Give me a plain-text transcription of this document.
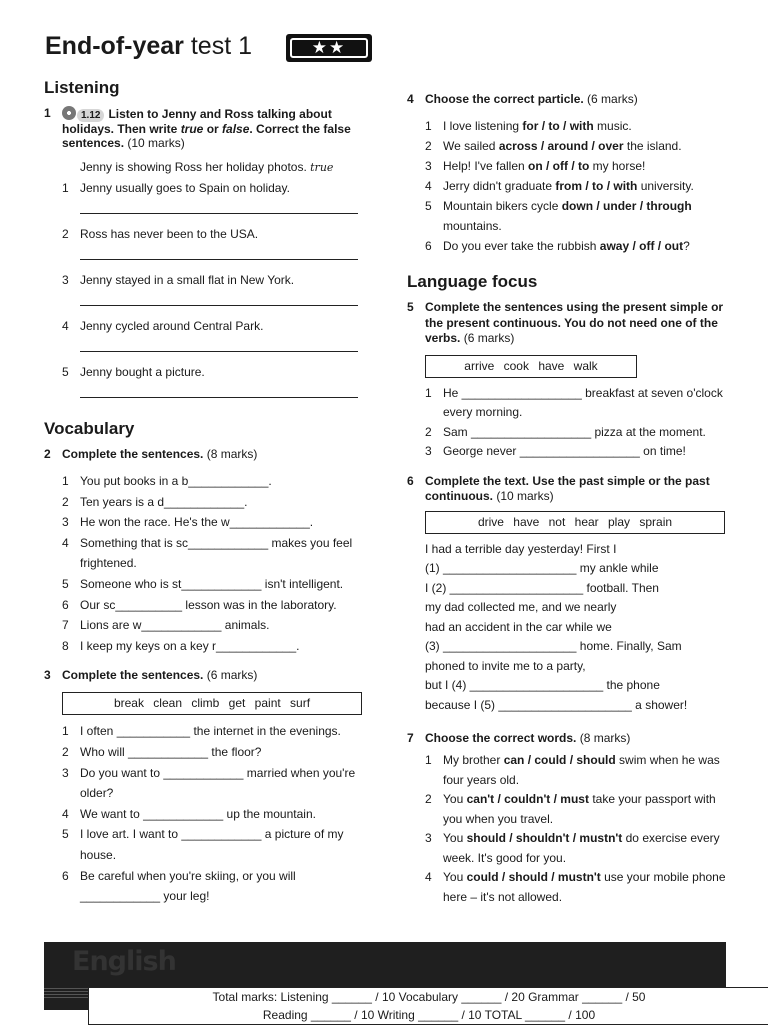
End-of-year test 1	★★
Listening
1	1.12 Listen to Jenny and Ross talking about holidays. Then write true or false. Correct the false sentences. (10 marks)
Jenny is showing Ross her holiday photos. true
1 Jenny usually goes to Spain on holiday.
2 Ross has never been to the USA.
3 Jenny stayed in a small flat in New York.
4 Jenny cycled around Central Park.
5 Jenny bought a picture.
Vocabulary
2 Complete the sentences. (8 marks)
1 You put books in a b____________.
2 Ten years is a d____________.
3 He won the race. He's the w____________.
4 Something that is sc____________ makes you feel frightened.
5 Someone who is st____________ isn't intelligent.
6 Our sc__________ lesson was in the laboratory.
7 Lions are w____________ animals.
8 I keep my keys on a key r____________.
3 Complete the sentences. (6 marks)
break clean climb get paint surf
1 I often ___________ the internet in the evenings.
2 Who will ____________ the floor?
3 Do you want to ____________ married when you're older?
4 We want to ____________ up the mountain.
5 I love art. I want to ____________ a picture of my house.
6 Be careful when you're skiing, or you will ____________ your leg!
4 Choose the correct particle. (6 marks)
1 I love listening for / to / with music.
2 We sailed across / around / over the island.
3 Help! I've fallen on / off / to my horse!
4 Jerry didn't graduate from / to / with university.
5 Mountain bikers cycle down / under / through mountains.
6 Do you ever take the rubbish away / off / out?
Language focus
5 Complete the sentences using the present simple or the present continuous. You do not need one of the verbs. (6 marks)
arrive cook have walk
1 He __________________ breakfast at seven o'clock every morning.
2 Sam __________________ pizza at the moment.
3 George never __________________ on time!
6 Complete the text. Use the past simple or the past continuous. (10 marks)
drive have not hear play sprain
I had a terrible day yesterday! First I
(1) ____________________ my ankle while
I (2) ____________________ football. Then
my dad collected me, and we nearly
had an accident in the car while we
(3) ____________________ home. Finally, Sam
phoned to invite me to a party,
but I (4) ____________________ the phone
because I (5) ____________________ a shower!
7 Choose the correct words. (8 marks)
1 My brother can / could / should swim when he was four years old.
2 You can't / couldn't / must take your passport with you when you travel.
3 You should / shouldn't / mustn't do exercise every week. It's good for you.
4 You could / should / mustn't use your mobile phone here – it's not allowed.
English
Total marks: Listening ______ / 10 Vocabulary ______ / 20 Grammar ______ / 50
Reading ______ / 10 Writing ______ / 10 TOTAL ______ / 100
